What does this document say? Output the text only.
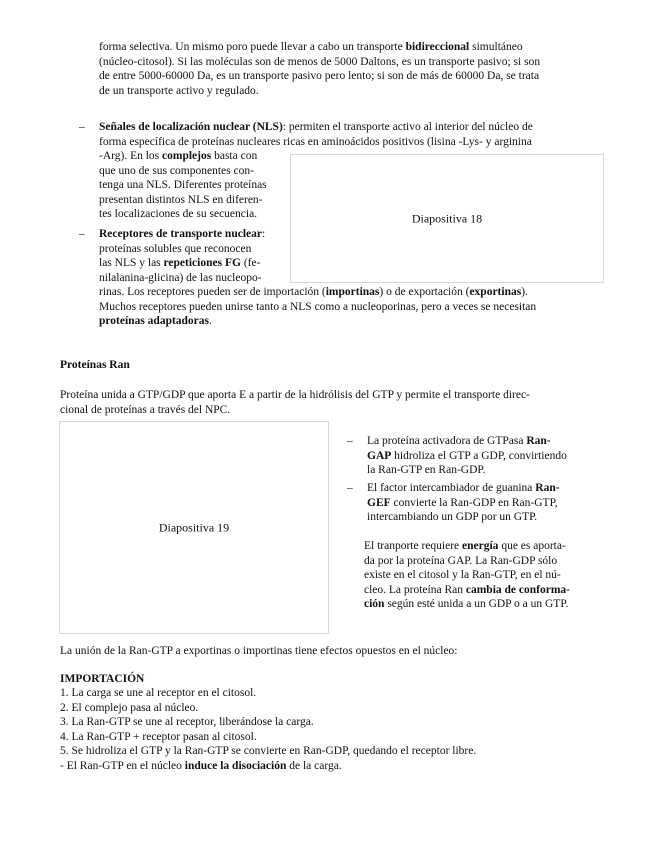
forma selectiva. Un mismo poro puede llevar a cabo un transporte bidireccional simultáneo
(núcleo-citosol). Si las moléculas son de menos de 5000 Daltons, es un transporte pasivo; si son
de entre 5000-60000 Da, es un transporte pasivo pero lento; si son de más de 60000 Da, se trata
de un transporte activo y regulado.
– Señales de localización nuclear (NLS): permiten el transporte activo al interior del núcleo de
forma específica de proteínas nucleares ricas en aminoácidos positivos (lisina -Lys- y arginina
-Arg). En los complejos basta con
que uno de sus componentes con-
tenga una NLS. Diferentes proteínas
presentan distintos NLS en diferen-
tes localizaciones de su secuencia.	Diapositiva 18
– Receptores de transporte nuclear:
proteínas solubles que reconocen
las NLS y las repeticiones FG (fe-
nilalanina-glicina) de las nucleopo-
rinas. Los receptores pueden ser de importación (importinas) o de exportación (exportinas).
Muchos receptores pueden unirse tanto a NLS como a nucleoporinas, pero a veces se necesitan
proteínas adaptadoras.
Proteínas Ran
Proteína unida a GTP/GDP que aporta E a partir de la hidrólisis del GTP y permite el transporte direc-
cional de proteínas a través del NPC.
Diapositiva 19
– La proteína activadora de GTPasa Ran-
GAP hidroliza el GTP a GDP, convirtiendo
la Ran-GTP en Ran-GDP.
– El factor intercambiador de guanina Ran-
GEF convierte la Ran-GDP en Ran-GTP,
intercambiando un GDP por un GTP.
El tranporte requiere energía que es aporta-
da por la proteína GAP. La Ran-GDP sólo
existe en el citosol y la Ran-GTP, en el nú-
cleo. La proteína Ran cambia de conforma-
ción según esté unida a un GDP o a un GTP.
La unión de la Ran-GTP a exportinas o importinas tiene efectos opuestos en el núcleo:
IMPORTACIÓN
1. La carga se une al receptor en el citosol.
2. El complejo pasa al núcleo.
3. La Ran-GTP se une al receptor, liberándose la carga.
4. La Ran-GTP + receptor pasan al citosol.
5. Se hidroliza el GTP y la Ran-GTP se convierte en Ran-GDP, quedando el receptor libre.
- El Ran-GTP en el núcleo induce la disociación de la carga.
